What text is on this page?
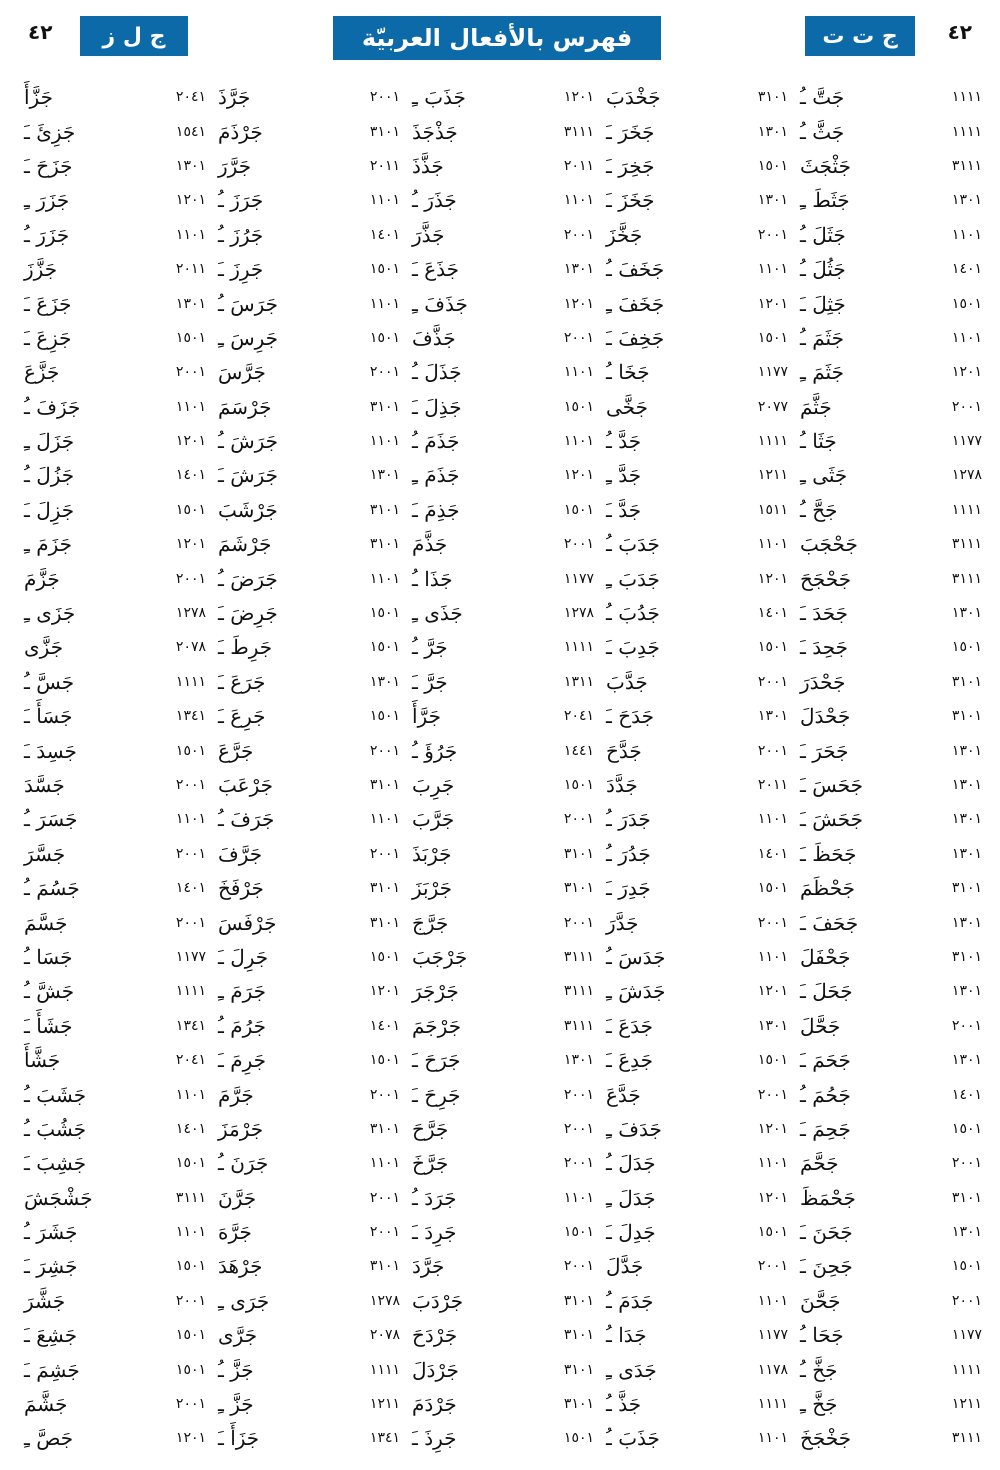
٤٢
ج ت ت
فهرس بالأفعال العربيّة
ج ل ز
٤٢
١١١١
جَتَّ ـُ
١١١١
جَثَّ ـُ
٣١١١
جَثْجَثَ
١٣٠١
جَثَطَ ـِ
١١٠١
جَثَلَ ـُ
١٤٠١
جَثُلَ ـُ
١٥٠١
جَثِلَ ـَ
١١٠١
جَثَمَ ـُ
١٢٠١
جَثَمَ ـِ
٢٠٠١
جَثَّمَ
١١٧٧
جَثَا ـُ
١٢٧٨
جَثَى ـِ
١١١١
جَحَّ ـُ
٣١١١
جَحْجَبَ
٣١١١
جَحْجَحَ
١٣٠١
جَحَدَ ـَ
١٥٠١
جَحِدَ ـَ
٣١٠١
جَحْدَرَ
٣١٠١
جَحْدَلَ
١٣٠١
جَحَرَ ـَ
١٣٠١
جَحَسَ ـَ
١٣٠١
جَحَشَ ـَ
١٣٠١
جَحَظَ ـَ
٣١٠١
جَحْظَمَ
١٣٠١
جَحَفَ ـَ
٣١٠١
جَحْفَلَ
١٣٠١
جَحَلَ ـَ
٢٠٠١
جَحَّلَ
١٣٠١
جَحَمَ ـَ
١٤٠١
جَحُمَ ـُ
١٥٠١
جَحِمَ ـَ
٢٠٠١
جَحَّمَ
٣١٠١
جَحْمَظَ
١٣٠١
جَحَنَ ـَ
١٥٠١
جَحِنَ ـَ
٢٠٠١
جَحَّنَ
١١٧٧
جَحَا ـُ
١١١١
جَخَّ ـُ
١٢١١
جَخَّ ـِ
٣١١١
جَخْجَخَ
٣١٠١
جَخْدَبَ
١٣٠١
جَخَرَ ـَ
١٥٠١
جَخِرَ ـَ
١٣٠١
جَخَزَ ـَ
٢٠٠١
جَخَّزَ
١١٠١
جَخَفَ ـُ
١٢٠١
جَخَفَ ـِ
١٥٠١
جَخِفَ ـَ
١١٧٧
جَخَا ـُ
٢٠٧٧
جَخَّى
١١١١
جَدَّ ـُ
١٢١١
جَدَّ ـِ
١٥١١
جَدَّ ـَ
١١٠١
جَدَبَ ـُ
١٢٠١
جَدَبَ ـِ
١٤٠١
جَدُبَ ـُ
١٥٠١
جَدِبَ ـَ
٢٠٠١
جَدَّبَ
١٣٠١
جَدَحَ ـَ
٢٠٠١
جَدَّحَ
٢٠١١
جَدَّدَ
١١٠١
جَدَرَ ـُ
١٤٠١
جَدُرَ ـُ
١٥٠١
جَدِرَ ـَ
٢٠٠١
جَدَّرَ
١١٠١
جَدَسَ ـُ
١٢٠١
جَدَشَ ـِ
١٣٠١
جَدَعَ ـَ
١٥٠١
جَدِعَ ـَ
٢٠٠١
جَدَّعَ
١٢٠١
جَدَفَ ـِ
١١٠١
جَدَلَ ـُ
١٢٠١
جَدَلَ ـِ
١٥٠١
جَدِلَ ـَ
٢٠٠١
جَدَّلَ
١١٠١
جَدَمَ ـُ
١١٧٧
جَدَا ـُ
١١٧٨
جَدَى ـِ
١١١١
جَذَّ ـُ
١١٠١
جَذَبَ ـُ
١٢٠١
جَذَبَ ـِ
٣١١١
جَذْجَذَ
٢٠١١
جَذَّذَ
١١٠١
جَذَرَ ـُ
٢٠٠١
جَذَّرَ
١٣٠١
جَذَعَ ـَ
١٢٠١
جَذَفَ ـِ
٢٠٠١
جَذَّفَ
١١٠١
جَذَلَ ـُ
١٥٠١
جَذِلَ ـَ
١١٠١
جَذَمَ ـُ
١٢٠١
جَذَمَ ـِ
١٥٠١
جَذِمَ ـَ
٢٠٠١
جَذَّمَ
١١٧٧
جَذَا ـُ
١٢٧٨
جَذَى ـِ
١١١١
جَرَّ ـُ
١٣١١
جَرَّ ـَ
٢٠٤١
جَرَّأَ
١٤٤١
جَرُؤَ ـُ
١٥٠١
جَرِبَ
٢٠٠١
جَرَّبَ
٣١٠١
جَرْبَذَ
٣١٠١
جَرْبَزَ
٢٠٠١
جَرَّجَ
٣١١١
جَرْجَبَ
٣١١١
جَرْجَرَ
٣١١١
جَرْجَمَ
١٣٠١
جَرَحَ ـَ
٢٠٠١
جَرِحَ ـَ
٢٠٠١
جَرَّحَ
٢٠٠١
جَرَّخَ
١١٠١
جَرَدَ ـُ
١٥٠١
جَرِدَ ـَ
٢٠٠١
جَرَّدَ
٣١٠١
جَرْدَبَ
٣١٠١
جَرْدَحَ
٣١٠١
جَرْدَلَ
٣١٠١
جَرْدَمَ
١٥٠١
جَرِذَ ـَ
٢٠٠١
جَرَّذَ
٣١٠١
جَرْذَمَ
٢٠١١
جَرَّرَ
١١٠١
جَرَزَ ـُ
١٤٠١
جَرُزَ ـُ
١٥٠١
جَرِزَ ـَ
١١٠١
جَرَسَ ـُ
١٥٠١
جَرِسَ ـِ
٢٠٠١
جَرَّسَ
٣١٠١
جَرْسَمَ
١١٠١
جَرَشَ ـُ
١٣٠١
جَرَشَ ـَ
٣١٠١
جَرْشَبَ
٣١٠١
جَرْشَمَ
١١٠١
جَرَضَ ـُ
١٥٠١
جَرِضَ ـَ
١٥٠١
جَرِطَ ـَ
١٣٠١
جَرَعَ ـَ
١٥٠١
جَرِعَ ـَ
٢٠٠١
جَرَّعَ
٣١٠١
جَرْعَبَ
١١٠١
جَرَفَ ـُ
٢٠٠١
جَرَّفَ
٣١٠١
جَرْفَخَ
٣١٠١
جَرْفَسَ
١٥٠١
جَرِلَ ـَ
١٢٠١
جَرَمَ ـِ
١٤٠١
جَرُمَ ـُ
١٥٠١
جَرِمَ ـَ
٢٠٠١
جَرَّمَ
٣١٠١
جَرْمَزَ
١١٠١
جَرَنَ ـُ
٢٠٠١
جَرَّنَ
٢٠٠١
جَرَّهَ
٣١٠١
جَرْهَدَ
١٢٧٨
جَرَى ـِ
٢٠٧٨
جَرَّى
١١١١
جَزَّ ـُ
١٢١١
جَزَّ ـِ
١٣٤١
جَزَأَ ـَ
٢٠٤١
جَزَّأَ
١٥٤١
جَزِئَ ـَ
١٣٠١
جَزَحَ ـَ
١٢٠١
جَزَرَ ـِ
١١٠١
جَزَرَ ـُ
٢٠١١
جَزَّزَ
١٣٠١
جَزَعَ ـَ
١٥٠١
جَزِعَ ـَ
٢٠٠١
جَزَّعَ
١١٠١
جَزَفَ ـُ
١٢٠١
جَزَلَ ـِ
١٤٠١
جَزُلَ ـُ
١٥٠١
جَزِلَ ـَ
١٢٠١
جَزَمَ ـِ
٢٠٠١
جَزَّمَ
١٢٧٨
جَزَى ـِ
٢٠٧٨
جَزَّى
١١١١
جَسَّ ـُ
١٣٤١
جَسَأَ ـَ
١٥٠١
جَسِدَ ـَ
٢٠٠١
جَسَّدَ
١١٠١
جَسَرَ ـُ
٢٠٠١
جَسَّرَ
١٤٠١
جَسُمَ ـُ
٢٠٠١
جَسَّمَ
١١٧٧
جَسَا ـُ
١١١١
جَشَّ ـُ
١٣٤١
جَشَأَ ـَ
٢٠٤١
جَشَّأَ
١١٠١
جَشَبَ ـُ
١٤٠١
جَشُبَ ـُ
١٥٠١
جَشِبَ ـَ
٣١١١
جَشْجَشَ
١١٠١
جَشَرَ ـُ
١٥٠١
جَشِرَ ـَ
٢٠٠١
جَشَّرَ
١٥٠١
جَشِعَ ـَ
١٥٠١
جَشِمَ ـَ
٢٠٠١
جَشَّمَ
١٢٠١
جَصَّ ـِ
